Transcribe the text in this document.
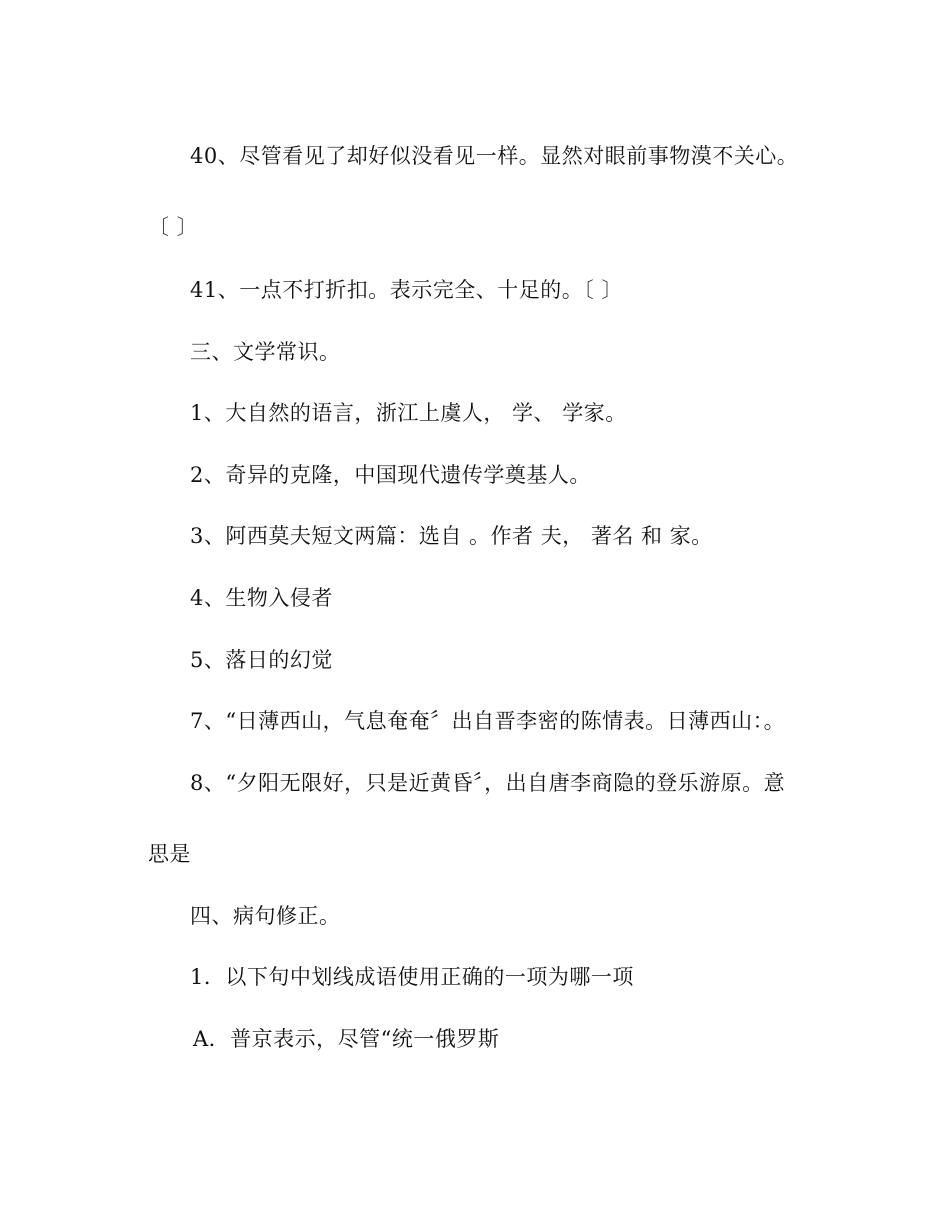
40、尽管看见了却好似没看见一样。显然对眼前事物漠不关心。
〔 〕
41、一点不打折扣。表示完全、十足的。〔 〕
三、文学常识。
1、大自然的语言，浙江上虞人， 学、 学家。
2、奇异的克隆，中国现代遗传学奠基人。
3、阿西莫夫短文两篇：选自 。作者 夫， 著名 和 家。
4、生物入侵者
5、落日的幻觉
7、“日薄西山，气息奄奄〞出自晋李密的陈情表。日薄西山：。
8、“夕阳无限好，只是近黄昏〞，出自唐李商隐的登乐游原。意
思是
四、病句修正。
1．以下句中划线成语使用正确的一项为哪一项
A．普京表示，尽管“统一俄罗斯
